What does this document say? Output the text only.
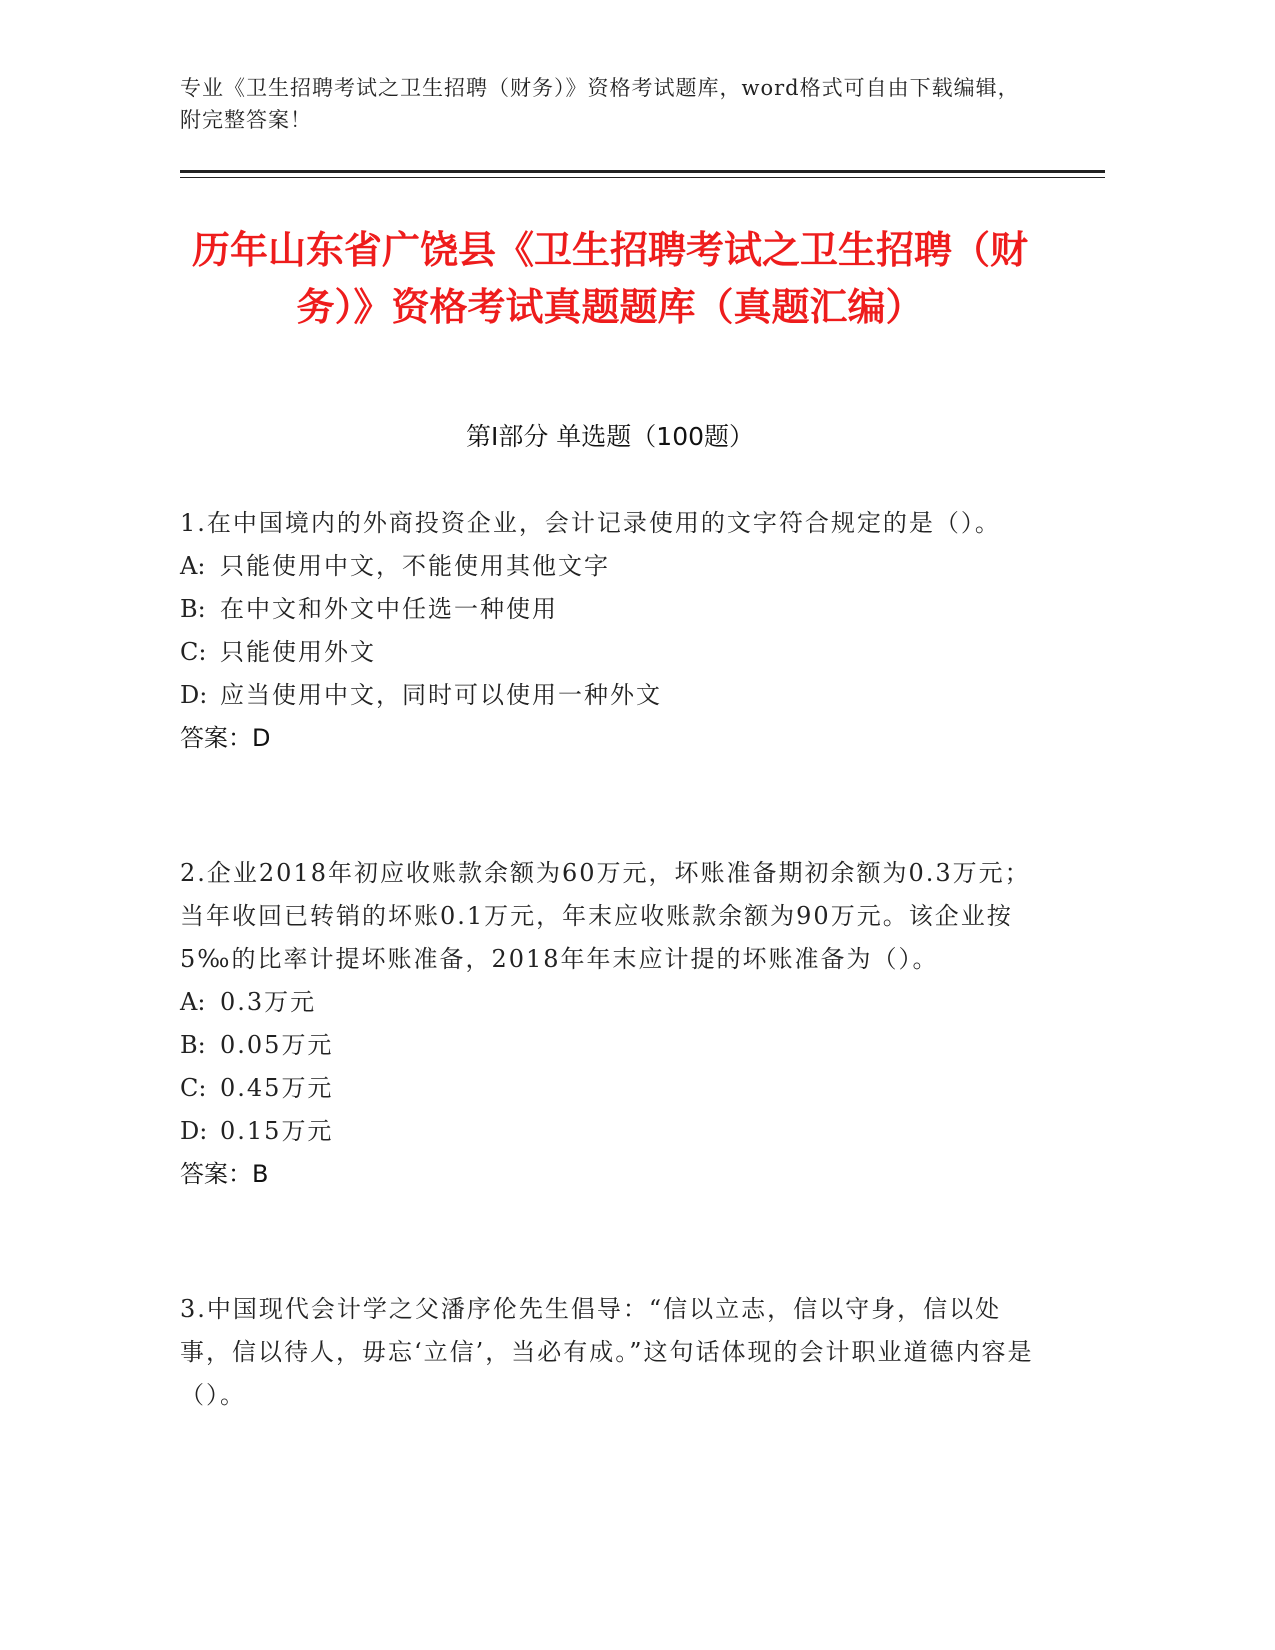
专业《卫生招聘考试之卫生招聘（财务）》资格考试题库，word格式可自由下载编辑，附完整答案！
历年山东省广饶县《卫生招聘考试之卫生招聘（财务）》资格考试真题题库（真题汇编）
第Ⅰ部分 单选题（100题）

1.在中国境内的外商投资企业，会计记录使用的文字符合规定的是（）。

A: 只能使用中文，不能使用其他文字
B: 在中文和外文中任选一种使用
C: 只能使用外文
D: 应当使用中文，同时可以使用一种外文
答案：D

2.企业2018年初应收账款余额为60万元，坏账准备期初余额为0.3万元；当年收回已转销的坏账0.1万元，年末应收账款余额为90万元。该企业按5‰的比率计提坏账准备，2018年年末应计提的坏账准备为（）。

A: 0.3万元
B: 0.05万元
C: 0.45万元
D: 0.15万元
答案：B

3.中国现代会计学之父潘序伦先生倡导：“信以立志，信以守身，信以处事，信以待人，毋忘‘立信’，当必有成。”这句话体现的会计职业道德内容是（）。
